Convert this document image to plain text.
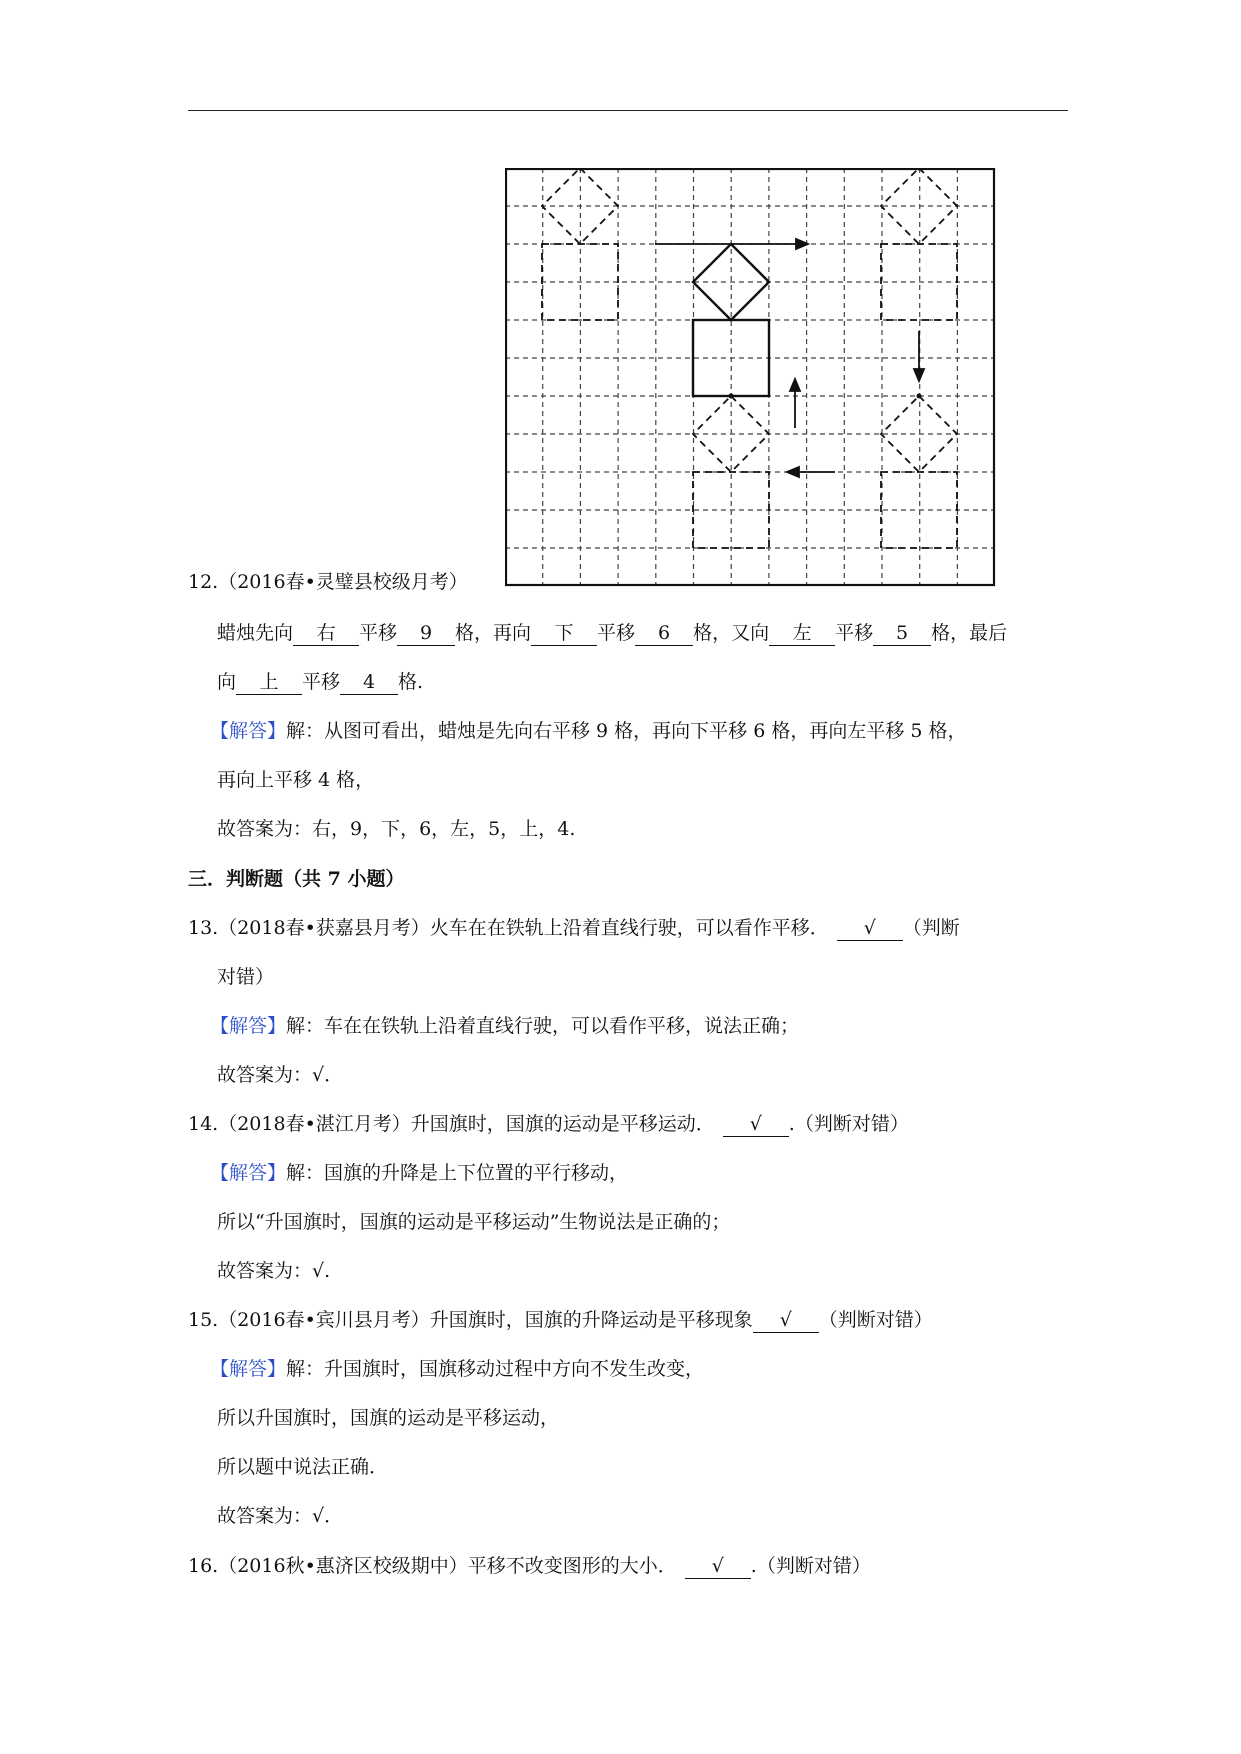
12.（2016春•灵璧县校级月考）
蜡烛先向 右 平移 9 格，再向 下 平移 6 格，又向 左 平移 5 格，最后
向 上 平移 4 格.
【解答】解：从图可看出，蜡烛是先向右平移 9 格，再向下平移 6 格，再向左平移 5 格，
再向上平移 4 格，
故答案为：右，9，下，6，左，5，上，4.
三．判断题（共 7 小题）
13.（2018春•获嘉县月考）火车在在铁轨上沿着直线行驶，可以看作平移． √ （判断
对错）
【解答】解：车在在铁轨上沿着直线行驶，可以看作平移，说法正确；
故答案为：√．
14.（2018春•湛江月考）升国旗时，国旗的运动是平移运动． √ .（判断对错）
【解答】解：国旗的升降是上下位置的平行移动，
所以“升国旗时，国旗的运动是平移运动”生物说法是正确的；
故答案为：√.
15.（2016春•宾川县月考）升国旗时，国旗的升降运动是平移现象 √ （判断对错）
【解答】解：升国旗时，国旗移动过程中方向不发生改变，
所以升国旗时，国旗的运动是平移运动，
所以题中说法正确．
故答案为：√．
16.（2016秋•惠济区校级期中）平移不改变图形的大小． √ .（判断对错）
